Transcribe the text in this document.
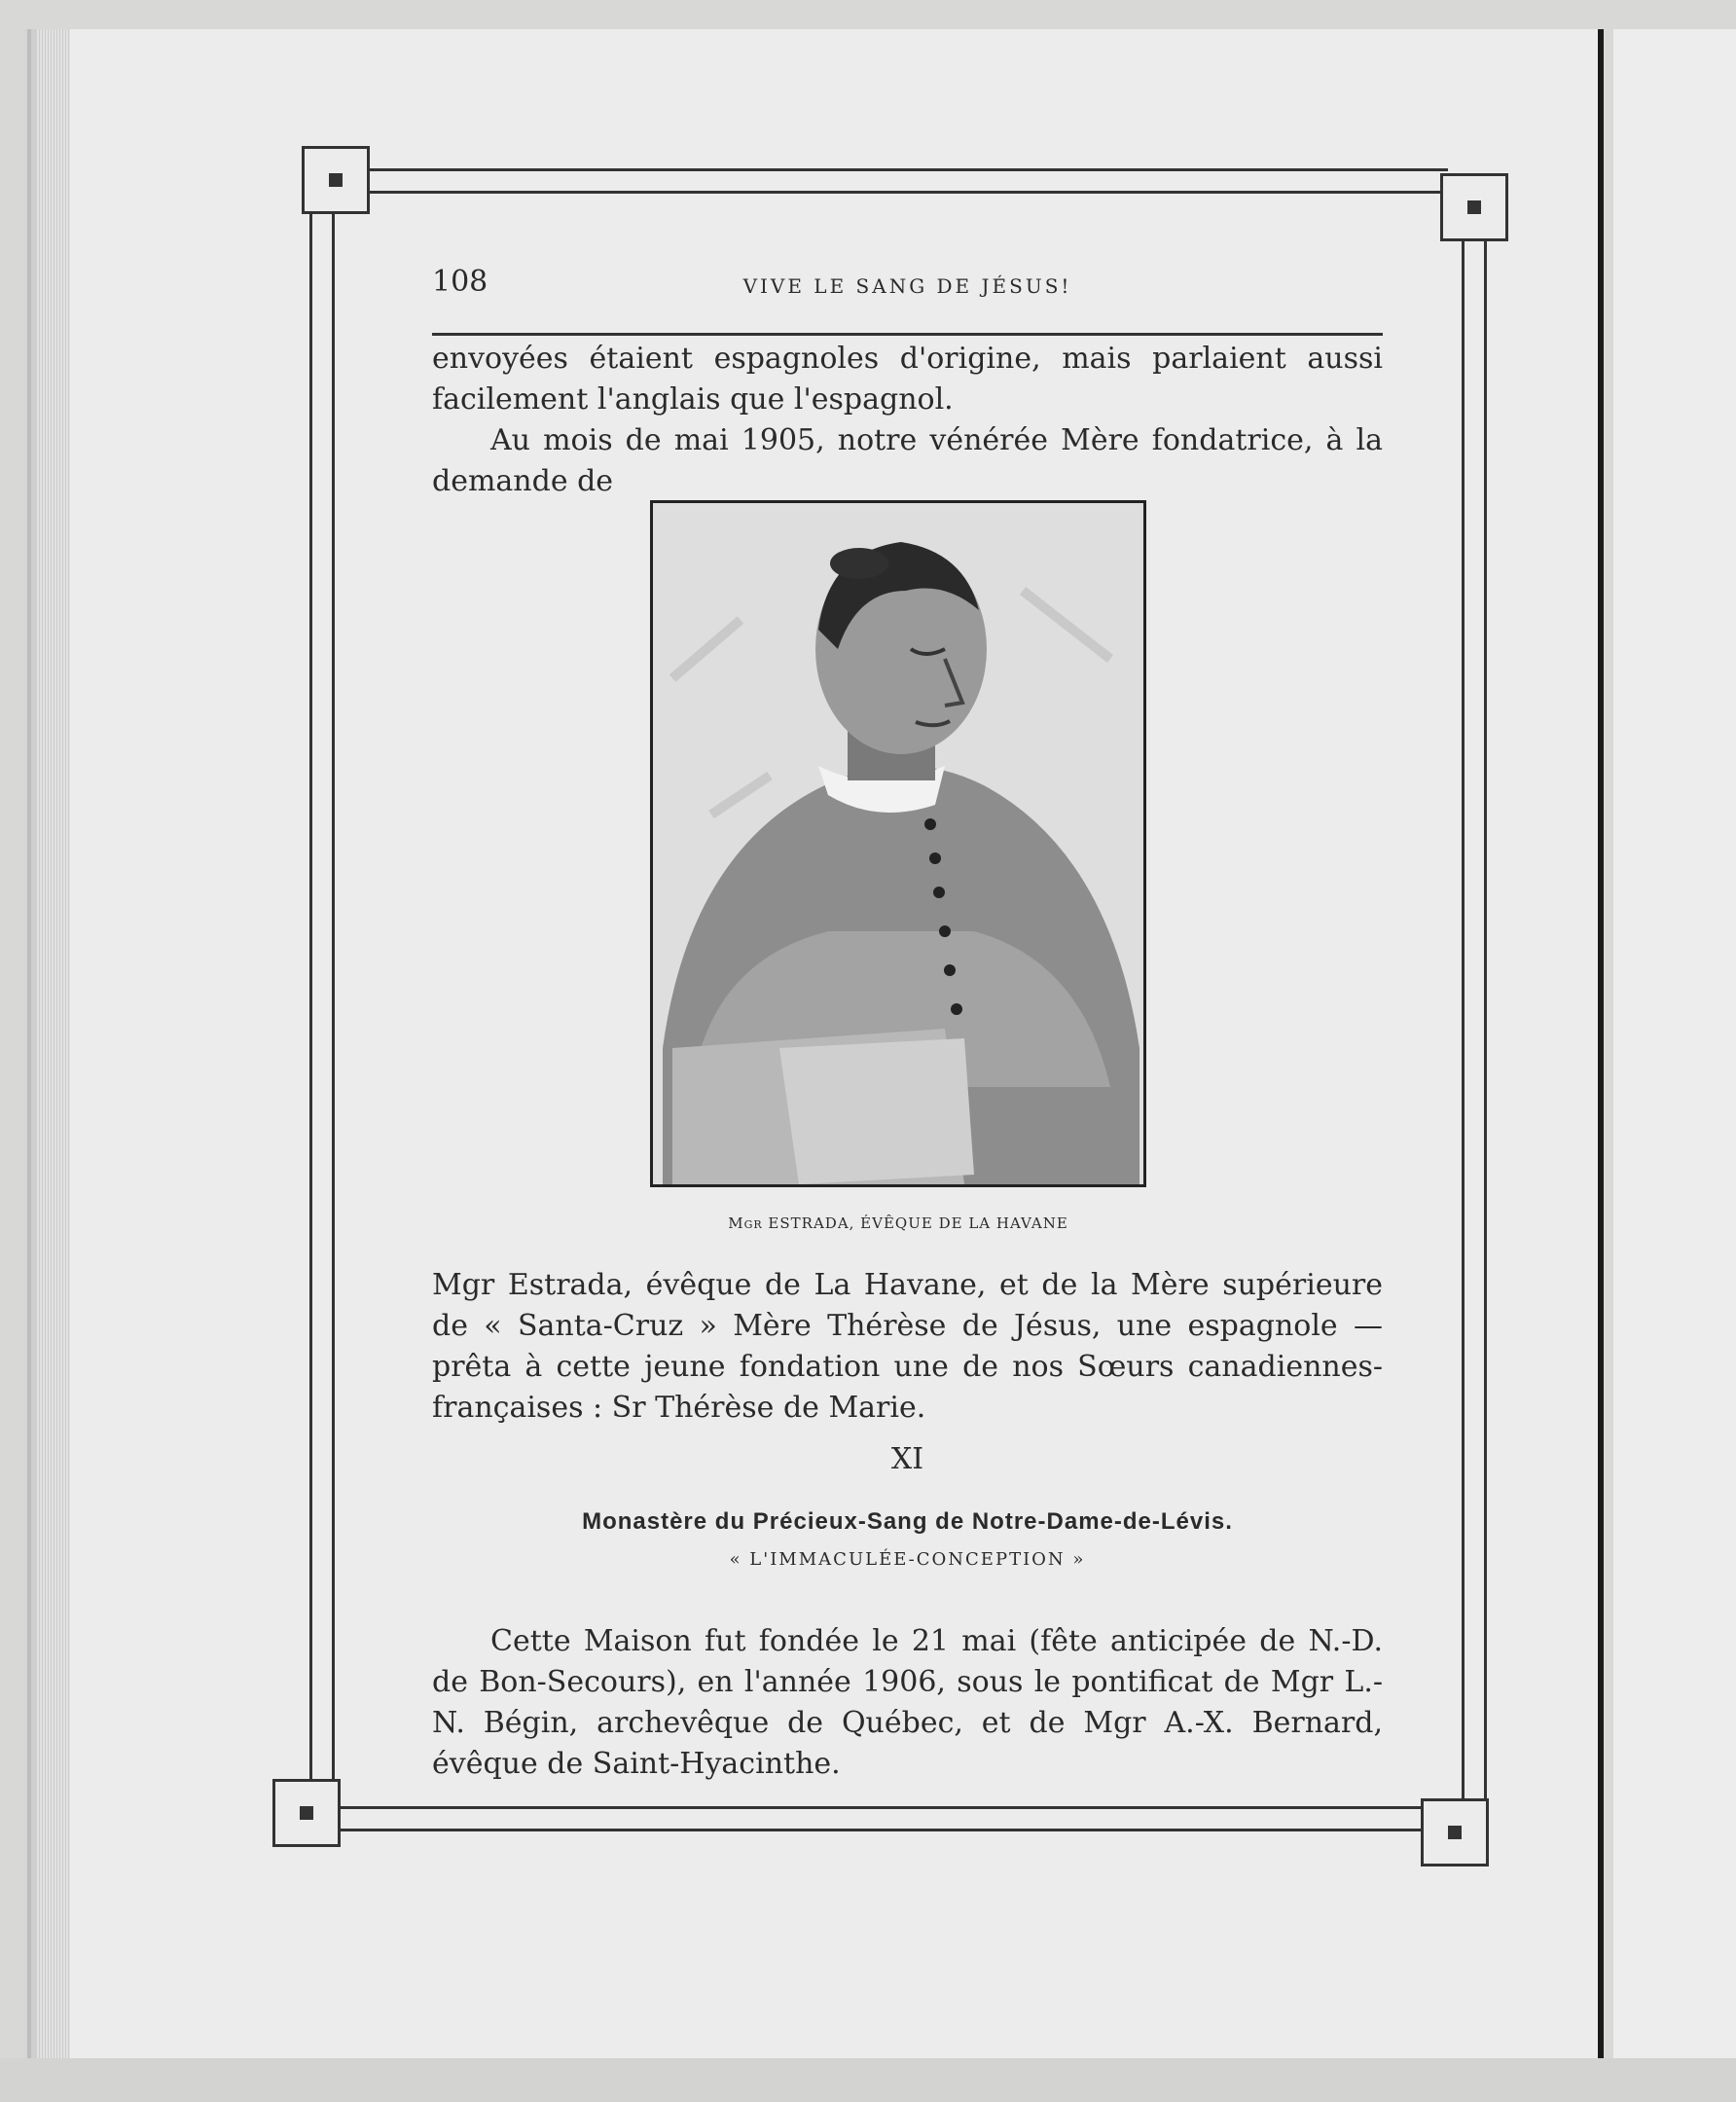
108	VIVE LE SANG DE JÉSUS!

envoyées étaient espagnoles d'origine, mais parlaient aussi facilement l'anglais que l'espagnol.

Au mois de mai 1905, notre vénérée Mère fondatrice, à la demande de

Mgr ESTRADA, ÉVÊQUE DE LA HAVANE

Mgr Estrada, évêque de La Havane, et de la Mère supérieure de « Santa-Cruz » Mère Thérèse de Jésus, une espagnole — prêta à cette jeune fondation une de nos Sœurs canadiennes-françaises : Sr Thérèse de Marie.

XI
Monastère du Précieux-Sang de Notre-Dame-de-Lévis.
« L'IMMACULÉE-CONCEPTION »

Cette Maison fut fondée le 21 mai (fête anticipée de N.-D. de Bon-Secours), en l'année 1906, sous le pontificat de Mgr L.-N. Bégin, archevêque de Québec, et de Mgr A.-X. Bernard, évêque de Saint-Hyacinthe.
